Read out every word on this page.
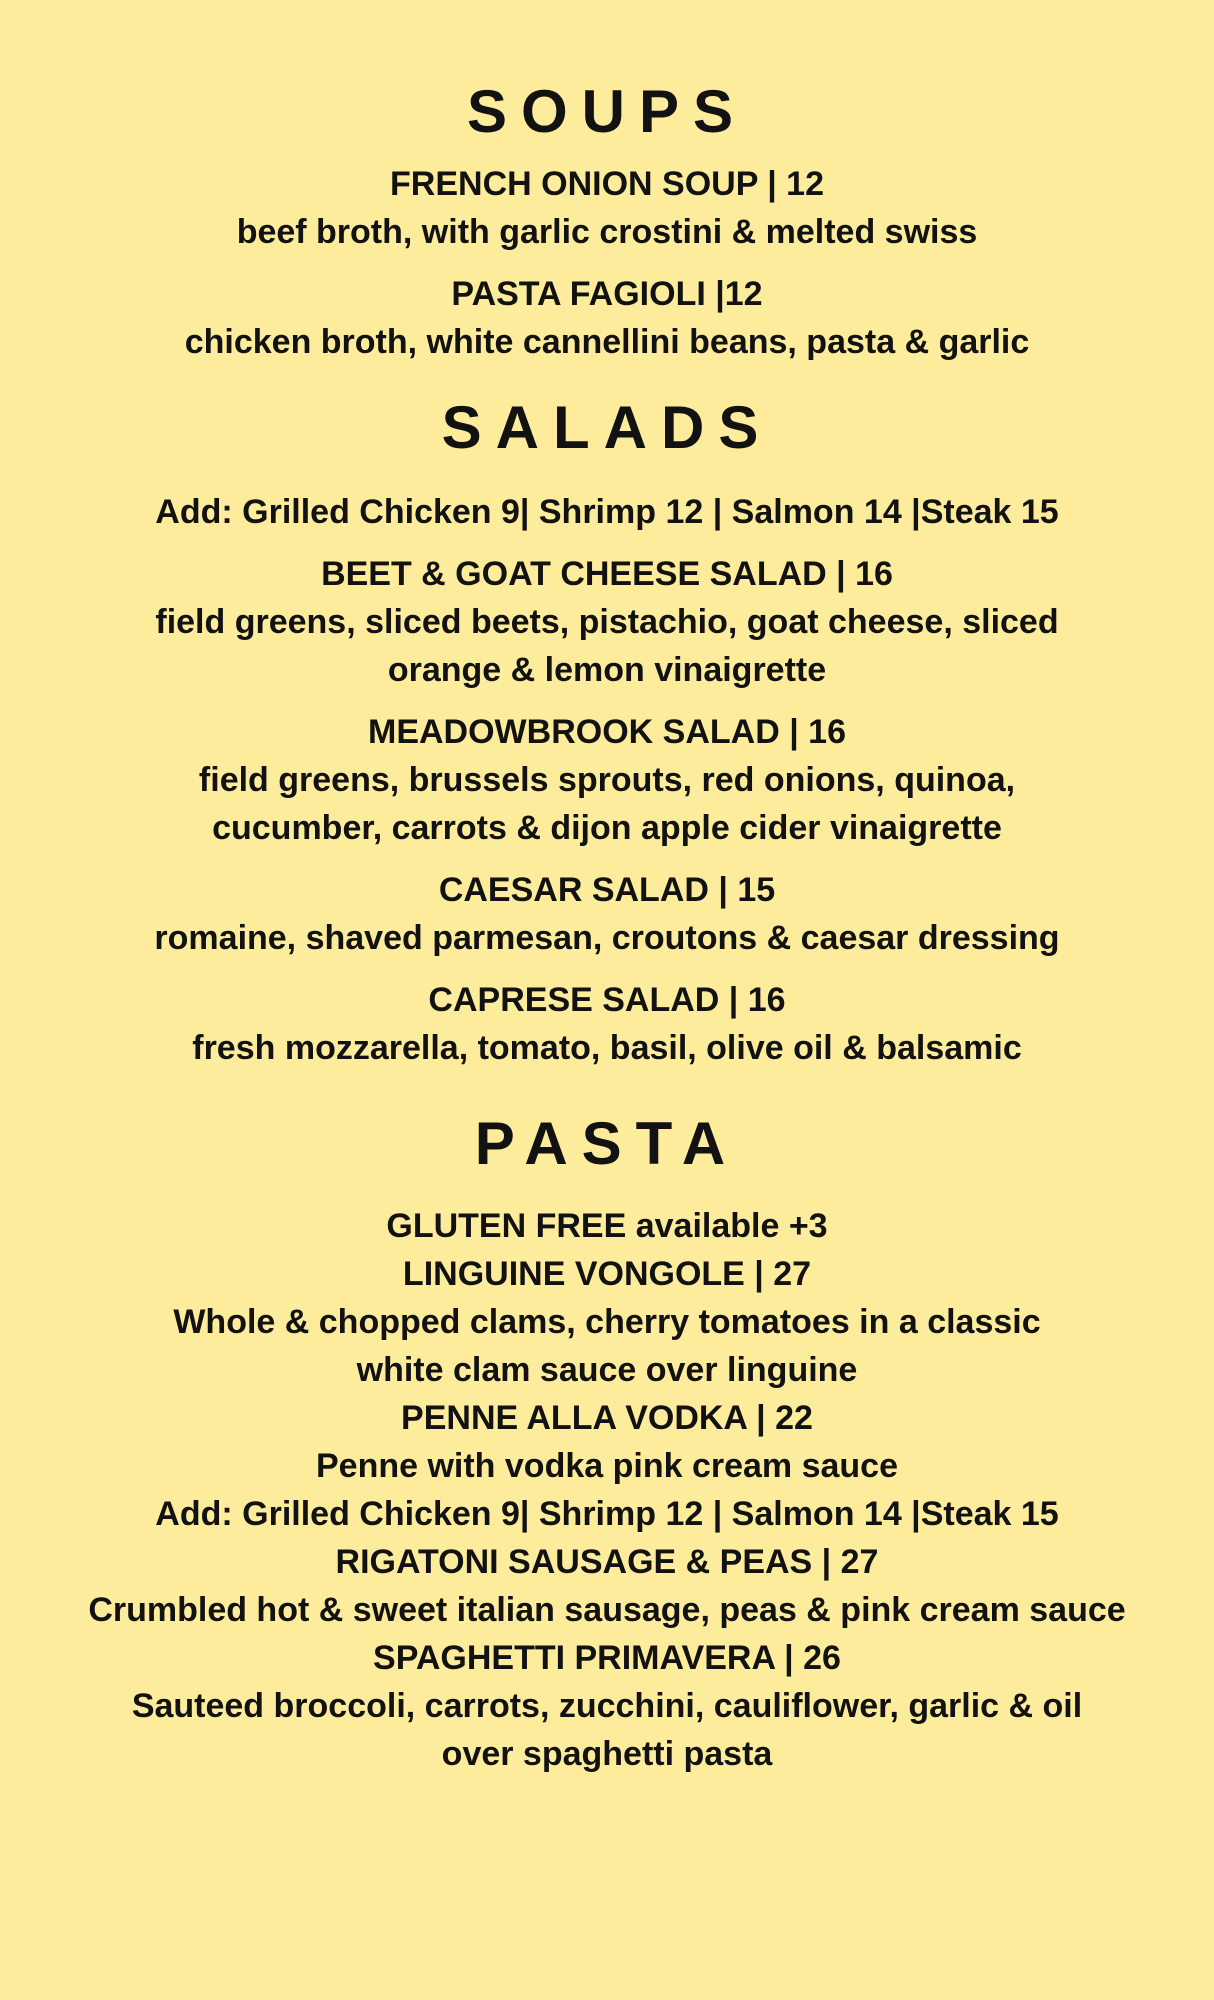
SOUPS

FRENCH ONION SOUP | 12

beef broth, with garlic crostini & melted swiss

PASTA FAGIOLI |12

chicken broth, white cannellini beans, pasta & garlic

SALADS

Add: Grilled Chicken 9| Shrimp 12 | Salmon 14 |Steak 15

BEET & GOAT CHEESE SALAD | 16

field greens, sliced beets, pistachio, goat cheese, sliced

orange & lemon vinaigrette

MEADOWBROOK SALAD | 16

field greens, brussels sprouts, red onions, quinoa,

cucumber, carrots & dijon apple cider vinaigrette

CAESAR SALAD | 15

romaine, shaved parmesan, croutons & caesar dressing

CAPRESE SALAD | 16

fresh mozzarella, tomato, basil, olive oil & balsamic

PASTA

GLUTEN FREE available +3

LINGUINE VONGOLE | 27

Whole & chopped clams, cherry tomatoes in a classic

white clam sauce over linguine

PENNE ALLA VODKA | 22

Penne with vodka pink cream sauce

Add: Grilled Chicken 9| Shrimp 12 | Salmon 14 |Steak 15

RIGATONI SAUSAGE & PEAS | 27

Crumbled hot & sweet italian sausage, peas & pink cream sauce

SPAGHETTI PRIMAVERA | 26

Sauteed broccoli, carrots, zucchini, cauliflower, garlic & oil

over spaghetti pasta
